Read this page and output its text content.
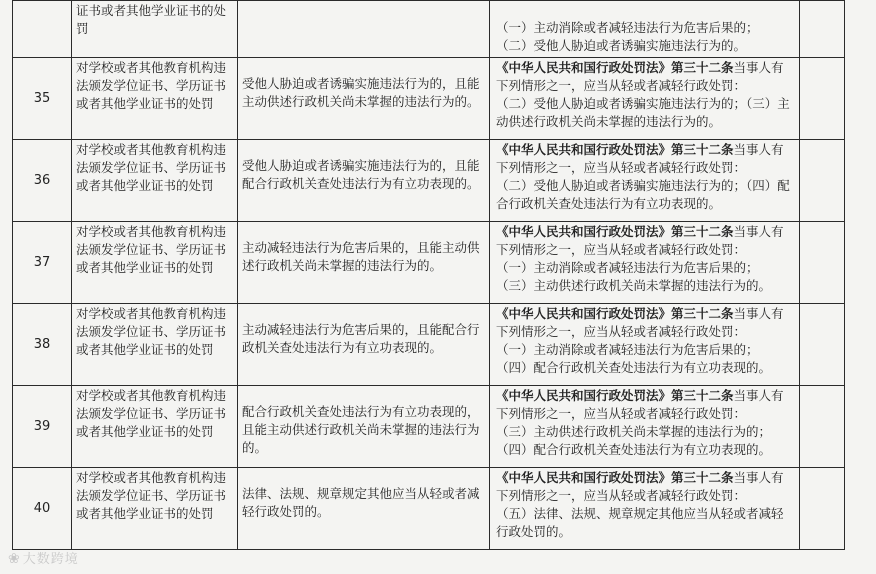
	证书或者其他学业证书的处罚		（一）主动消除或者减轻违法行为危害后果的；
（二）受他人胁迫或者诱骗实施违法行为的。	

35	对学校或者其他教育机构违法颁发学位证书、学历证书或者其他学业证书的处罚	受他人胁迫或者诱骗实施违法行为的，且能主动供述行政机关尚未掌握的违法行为的。	《中华人民共和国行政处罚法》第三十二条当事人有下列情形之一，应当从轻或者减轻行政处罚：
（二）受他人胁迫或者诱骗实施违法行为的；（三）主动供述行政机关尚未掌握的违法行为的。	

36	对学校或者其他教育机构违法颁发学位证书、学历证书或者其他学业证书的处罚	受他人胁迫或者诱骗实施违法行为的，且能配合行政机关查处违法行为有立功表现的。	《中华人民共和国行政处罚法》第三十二条当事人有下列情形之一，应当从轻或者减轻行政处罚：
（二）受他人胁迫或者诱骗实施违法行为的；（四）配合行政机关查处违法行为有立功表现的。	

37	对学校或者其他教育机构违法颁发学位证书、学历证书或者其他学业证书的处罚	主动减轻违法行为危害后果的，且能主动供述行政机关尚未掌握的违法行为的。	《中华人民共和国行政处罚法》第三十二条当事人有下列情形之一，应当从轻或者减轻行政处罚：
（一）主动消除或者减轻违法行为危害后果的；
（三）主动供述行政机关尚未掌握的违法行为的。	

38	对学校或者其他教育机构违法颁发学位证书、学历证书或者其他学业证书的处罚	主动减轻违法行为危害后果的，且能配合行政机关查处违法行为有立功表现的。	《中华人民共和国行政处罚法》第三十二条当事人有下列情形之一，应当从轻或者减轻行政处罚：
（一）主动消除或者减轻违法行为危害后果的；
（四）配合行政机关查处违法行为有立功表现的。	

39	对学校或者其他教育机构违法颁发学位证书、学历证书或者其他学业证书的处罚	配合行政机关查处违法行为有立功表现的，且能主动供述行政机关尚未掌握的违法行为的。	《中华人民共和国行政处罚法》第三十二条当事人有下列情形之一，应当从轻或者减轻行政处罚：
（三）主动供述行政机关尚未掌握的违法行为的；
（四）配合行政机关查处违法行为有立功表现的。	

40	对学校或者其他教育机构违法颁发学位证书、学历证书或者其他学业证书的处罚	法律、法规、规章规定其他应当从轻或者减轻行政处罚的。	《中华人民共和国行政处罚法》第三十二条当事人有下列情形之一，应当从轻或者减轻行政处罚：
（五）法律、法规、规章规定其他应当从轻或者减轻行政处罚的。	

❀ 大数跨境
